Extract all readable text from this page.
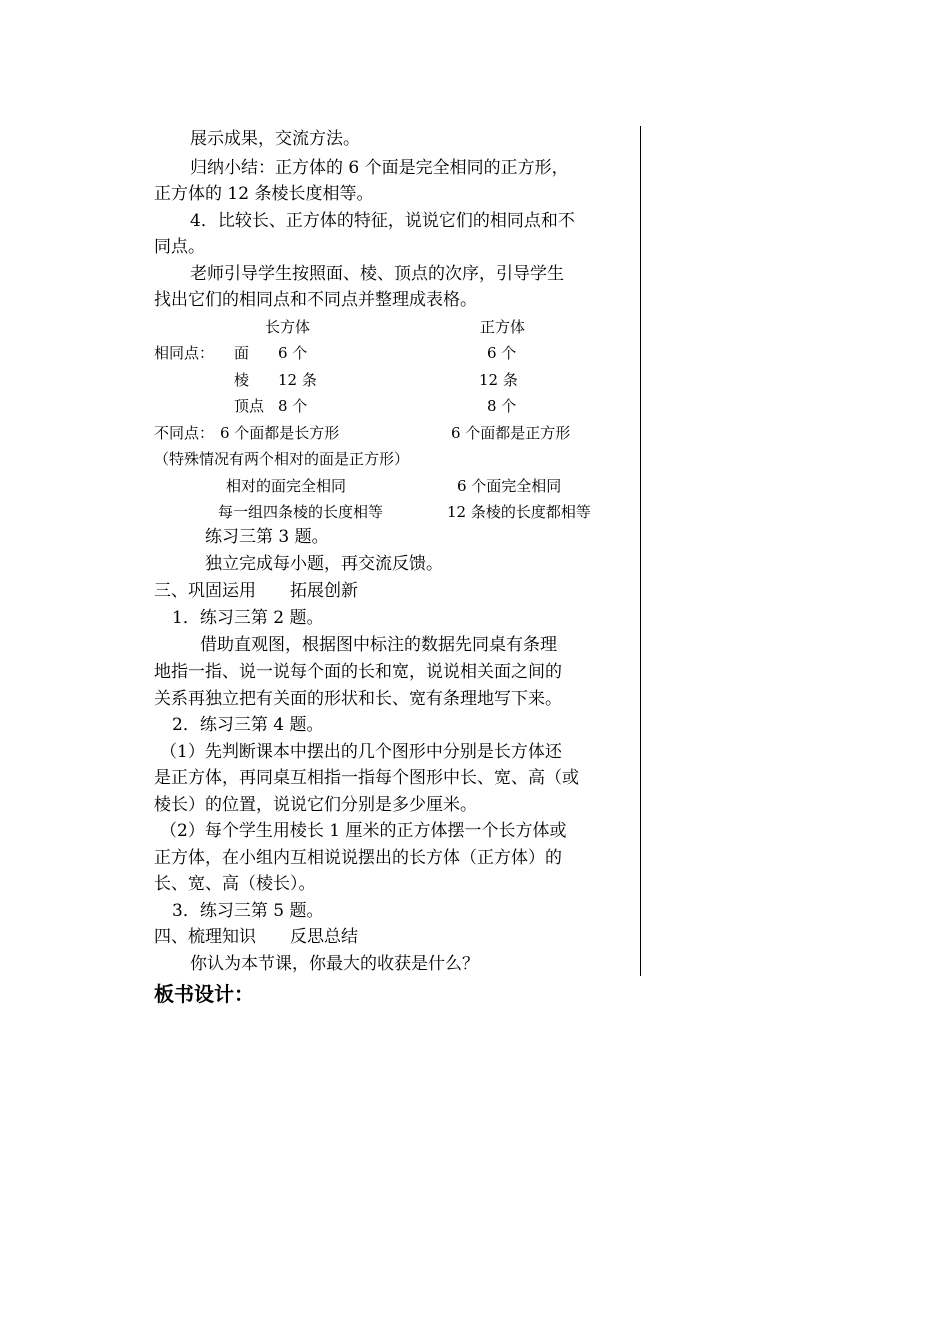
展示成果，交流方法。
归纳小结：正方体的 6 个面是完全相同的正方形，
正方体的 12 条棱长度相等。
4．比较长、正方体的特征，说说它们的相同点和不
同点。
老师引导学生按照面、棱、顶点的次序，引导学生
找出它们的相同点和不同点并整理成表格。
长方体	正方体
相同点： 面 6 个	6 个
棱 12 条	12 条
顶点 8 个	8 个
不同点： 6 个面都是长方形	6 个面都是正方形
（特殊情况有两个相对的面是正方形）
相对的面完全相同	6 个面完全相同
每一组四条棱的长度相等	12 条棱的长度都相等
练习三第 3 题。
独立完成每小题，再交流反馈。
三、巩固运用　　拓展创新
1．练习三第 2 题。
借助直观图，根据图中标注的数据先同桌有条理
地指一指、说一说每个面的长和宽，说说相关面之间的
关系再独立把有关面的形状和长、宽有条理地写下来。
2．练习三第 4 题。
（1）先判断课本中摆出的几个图形中分别是长方体还
是正方体，再同桌互相指一指每个图形中长、宽、高（或
棱长）的位置，说说它们分别是多少厘米。
（2）每个学生用棱长 1 厘米的正方体摆一个长方体或
正方体，在小组内互相说说摆出的长方体（正方体）的
长、宽、高（棱长）。
3．练习三第 5 题。
四、梳理知识　　反思总结
你认为本节课，你最大的收获是什么？
板书设计：
